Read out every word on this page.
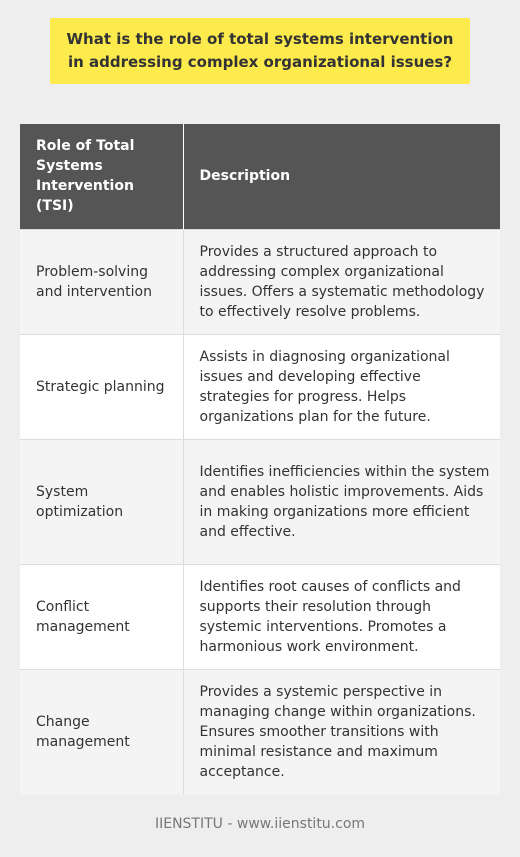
What is the role of total systems intervention in addressing complex organizational issues?
Role of Total Systems Intervention (TSI)	Description
Problem-solving and intervention	Provides a structured approach to addressing complex organizational issues. Offers a systematic methodology to effectively resolve problems.
Strategic planning	Assists in diagnosing organizational issues and developing effective strategies for progress. Helps organizations plan for the future.
System optimization	Identifies inefficiencies within the system and enables holistic improvements. Aids in making organizations more efficient and effective.
Conflict management	Identifies root causes of conflicts and supports their resolution through systemic interventions. Promotes a harmonious work environment.
Change management	Provides a systemic perspective in managing change within organizations. Ensures smoother transitions with minimal resistance and maximum acceptance.
IIENSTITU - www.iienstitu.com
